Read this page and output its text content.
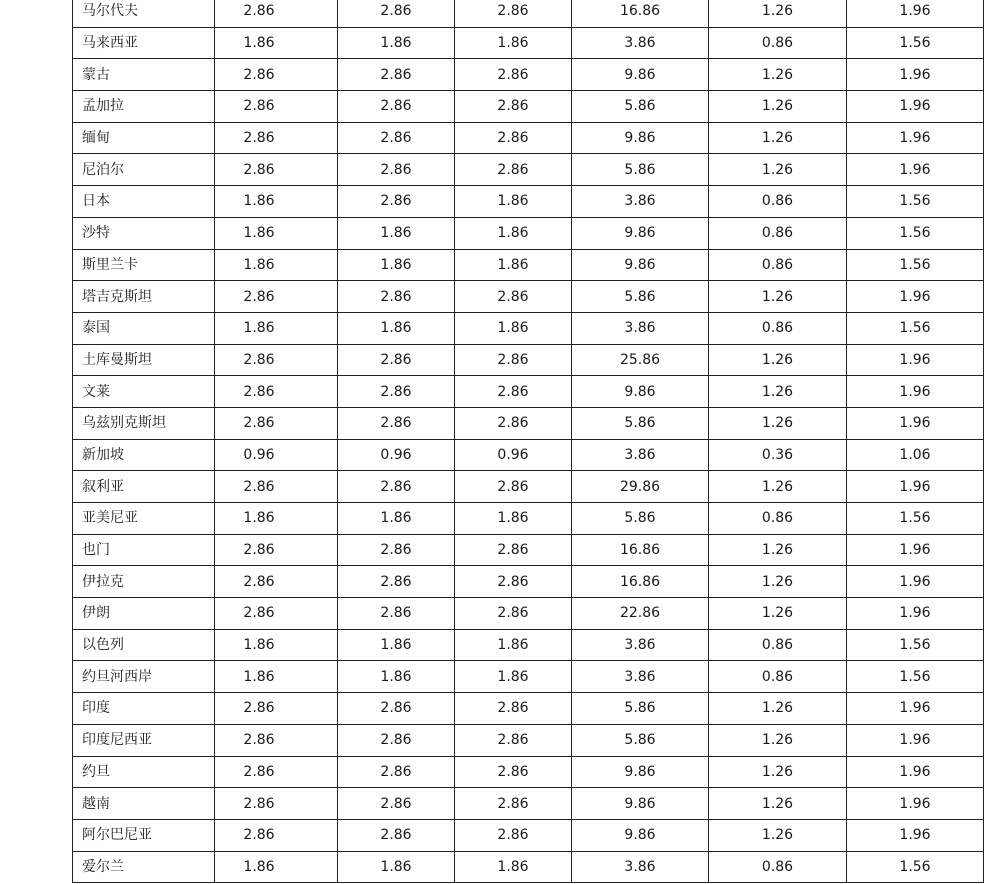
马尔代夫	2.86	2.86	2.86	16.86	1.26	1.96
马来西亚	1.86	1.86	1.86	3.86	0.86	1.56
蒙古	2.86	2.86	2.86	9.86	1.26	1.96
孟加拉	2.86	2.86	2.86	5.86	1.26	1.96
缅甸	2.86	2.86	2.86	9.86	1.26	1.96
尼泊尔	2.86	2.86	2.86	5.86	1.26	1.96
日本	1.86	2.86	1.86	3.86	0.86	1.56
沙特	1.86	1.86	1.86	9.86	0.86	1.56
斯里兰卡	1.86	1.86	1.86	9.86	0.86	1.56
塔吉克斯坦	2.86	2.86	2.86	5.86	1.26	1.96
泰国	1.86	1.86	1.86	3.86	0.86	1.56
土库曼斯坦	2.86	2.86	2.86	25.86	1.26	1.96
文莱	2.86	2.86	2.86	9.86	1.26	1.96
乌兹别克斯坦	2.86	2.86	2.86	5.86	1.26	1.96
新加坡	0.96	0.96	0.96	3.86	0.36	1.06
叙利亚	2.86	2.86	2.86	29.86	1.26	1.96
亚美尼亚	1.86	1.86	1.86	5.86	0.86	1.56
也门	2.86	2.86	2.86	16.86	1.26	1.96
伊拉克	2.86	2.86	2.86	16.86	1.26	1.96
伊朗	2.86	2.86	2.86	22.86	1.26	1.96
以色列	1.86	1.86	1.86	3.86	0.86	1.56
约旦河西岸	1.86	1.86	1.86	3.86	0.86	1.56
印度	2.86	2.86	2.86	5.86	1.26	1.96
印度尼西亚	2.86	2.86	2.86	5.86	1.26	1.96
约旦	2.86	2.86	2.86	9.86	1.26	1.96
越南	2.86	2.86	2.86	9.86	1.26	1.96
阿尔巴尼亚	2.86	2.86	2.86	9.86	1.26	1.96
爱尔兰	1.86	1.86	1.86	3.86	0.86	1.56
